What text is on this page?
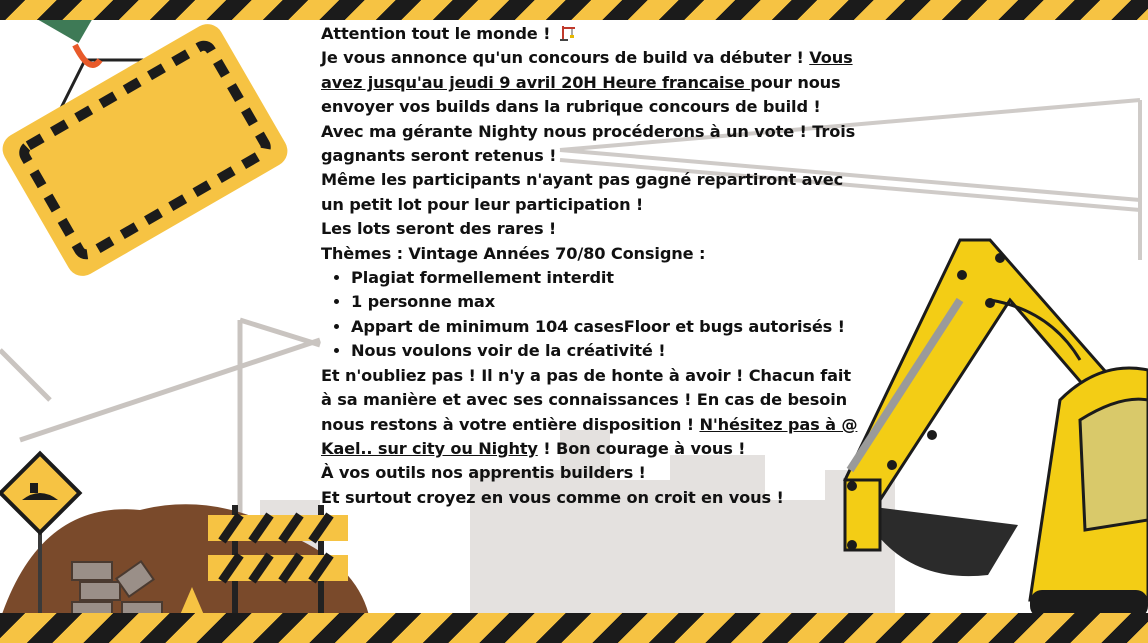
Attention tout le monde !

Je vous annonce qu'un concours de build va débuter ! Vous avez jusqu'au jeudi 9 avril 20H Heure francaise pour nous envoyer vos builds dans la rubrique concours de build !

Avec ma gérante Nighty nous procéderons à un vote ! Trois gagnants seront retenus !

Même les participants n'ayant pas gagné repartiront avec un petit lot pour leur participation !

Les lots seront des rares !

Thèmes : Vintage Années 70/80 Consigne :

• Plagiat formellement interdit
• 1 personne max
• Appart de minimum 104 casesFloor et bugs autorisés !
• Nous voulons voir de la créativité !

Et n'oubliez pas ! Il n'y a pas de honte à avoir ! Chacun fait à sa manière et avec ses connaissances ! En cas de besoin nous restons à votre entière disposition ! N'hésitez pas à @ Kael.. sur city ou Nighty ! Bon courage à vous !

À vos outils nos apprentis builders !

Et surtout croyez en vous comme on croit en vous !
